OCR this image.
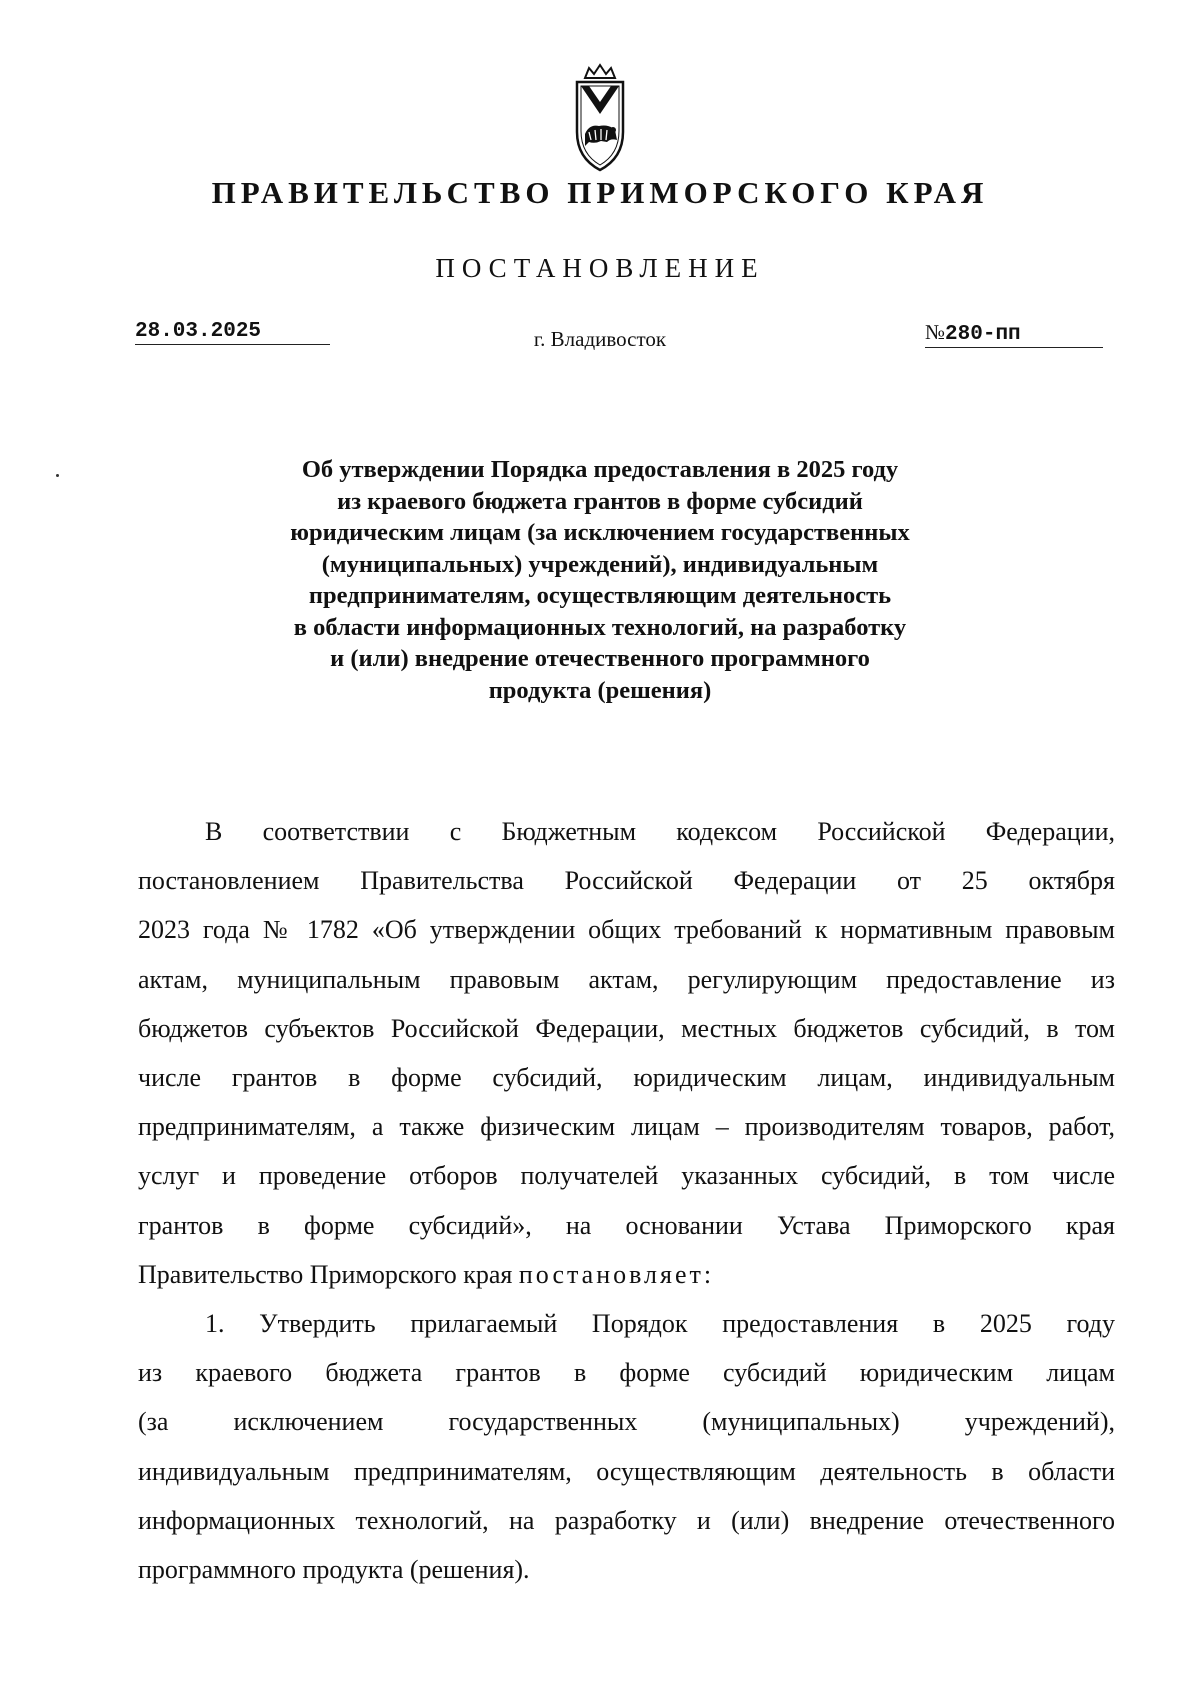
ПРАВИТЕЛЬСТВО ПРИМОРСКОГО КРАЯ
ПОСТАНОВЛЕНИЕ
28.03.2025	г. Владивосток	№280-пп
Об утверждении Порядка предоставления в 2025 году
из краевого бюджета грантов в форме субсидий
юридическим лицам (за исключением государственных
(муниципальных) учреждений), индивидуальным
предпринимателям, осуществляющим деятельность
в области информационных технологий, на разработку
и (или) внедрение отечественного программного
продукта (решения)
В соответствии с Бюджетным кодексом Российской Федерации,
постановлением Правительства Российской Федерации от 25 октября
2023 года № 1782 «Об утверждении общих требований к нормативным правовым
актам, муниципальным правовым актам, регулирующим предоставление из
бюджетов субъектов Российской Федерации, местных бюджетов субсидий, в том
числе грантов в форме субсидий, юридическим лицам, индивидуальным
предпринимателям, а также физическим лицам – производителям товаров, работ,
услуг и проведение отборов получателей указанных субсидий, в том числе
грантов в форме субсидий», на основании Устава Приморского края
Правительство Приморского края постановляет:
1. Утвердить прилагаемый Порядок предоставления в 2025 году
из краевого бюджета грантов в форме субсидий юридическим лицам
(за исключением государственных (муниципальных) учреждений),
индивидуальным предпринимателям, осуществляющим деятельность в области
информационных технологий, на разработку и (или) внедрение отечественного
программного продукта (решения).
